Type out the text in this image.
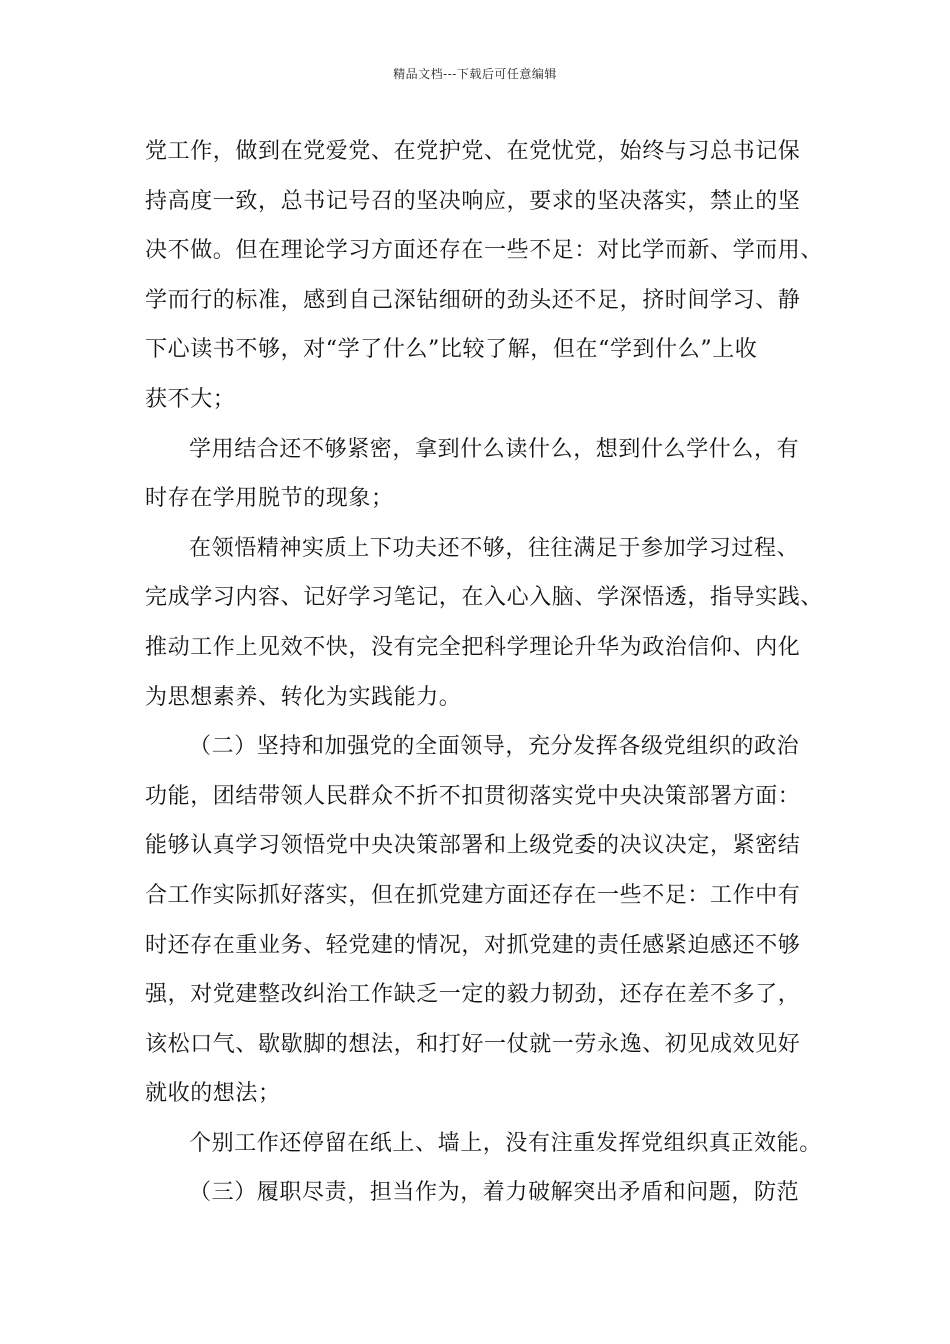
精品文档---下载后可任意编辑
党工作，做到在党爱党、在党护党、在党忧党，始终与习总书记保
持高度一致，总书记号召的坚决响应，要求的坚决落实，禁止的坚
决不做。但在理论学习方面还存在一些不足：对比学而新、学而用、
学而行的标准，感到自己深钻细研的劲头还不足，挤时间学习、静
下心读书不够，对“学了什么”比较了解，但在“学到什么”上收
获不大；
学用结合还不够紧密，拿到什么读什么，想到什么学什么，有
时存在学用脱节的现象；
在领悟精神实质上下功夫还不够，往往满足于参加学习过程、
完成学习内容、记好学习笔记，在入心入脑、学深悟透，指导实践、
推动工作上见效不快，没有完全把科学理论升华为政治信仰、内化
为思想素养、转化为实践能力。
（二）坚持和加强党的全面领导，充分发挥各级党组织的政治
功能，团结带领人民群众不折不扣贯彻落实党中央决策部署方面：
能够认真学习领悟党中央决策部署和上级党委的决议决定，紧密结
合工作实际抓好落实，但在抓党建方面还存在一些不足：工作中有
时还存在重业务、轻党建的情况，对抓党建的责任感紧迫感还不够
强，对党建整改纠治工作缺乏一定的毅力韧劲，还存在差不多了，
该松口气、歇歇脚的想法，和打好一仗就一劳永逸、初见成效见好
就收的想法；
个别工作还停留在纸上、墙上，没有注重发挥党组织真正效能。
（三）履职尽责，担当作为，着力破解突出矛盾和问题，防范
